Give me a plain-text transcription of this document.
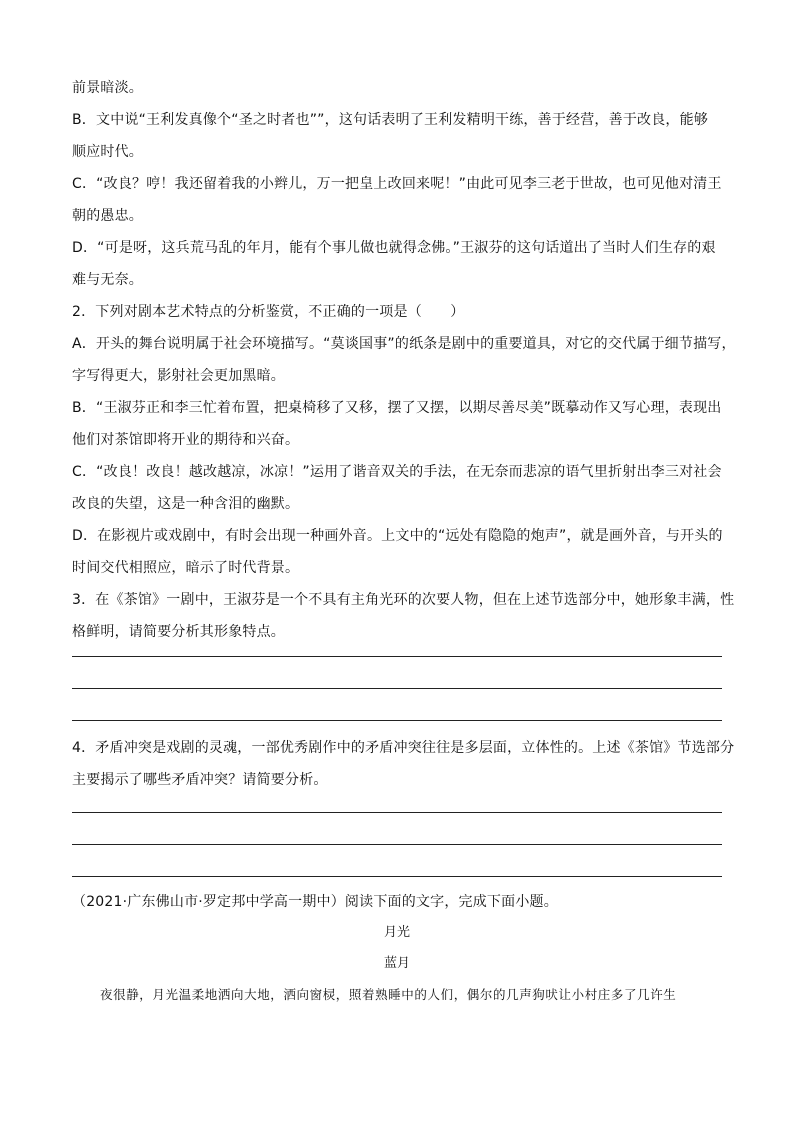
前景暗淡。

B．文中说“王利发真像个“圣之时者也””，这句话表明了王利发精明干练，善于经营，善于改良，能够

顺应时代。

C．“改良？哼！我还留着我的小辫儿，万一把皇上改回来呢！”由此可见李三老于世故，也可见他对清王

朝的愚忠。

D．“可是呀，这兵荒马乱的年月，能有个事儿做也就得念佛。”王淑芬的这句话道出了当时人们生存的艰

难与无奈。

2．下列对剧本艺术特点的分析鉴赏，不正确的一项是（　　）

A．开头的舞台说明属于社会环境描写。“莫谈国事”的纸条是剧中的重要道具，对它的交代属于细节描写，

字写得更大，影射社会更加黑暗。

B．“王淑芬正和李三忙着布置，把桌椅移了又移，摆了又摆，以期尽善尽美”既摹动作又写心理，表现出

他们对茶馆即将开业的期待和兴奋。

C．“改良！改良！越改越凉，冰凉！”运用了谐音双关的手法，在无奈而悲凉的语气里折射出李三对社会

改良的失望，这是一种含泪的幽默。

D．在影视片或戏剧中，有时会出现一种画外音。上文中的“远处有隐隐的炮声”，就是画外音，与开头的

时间交代相照应，暗示了时代背景。

3．在《茶馆》一剧中，王淑芬是一个不具有主角光环的次要人物，但在上述节选部分中，她形象丰满，性

格鲜明，请简要分析其形象特点。

4．矛盾冲突是戏剧的灵魂，一部优秀剧作中的矛盾冲突往往是多层面，立体性的。上述《茶馆》节选部分

主要揭示了哪些矛盾冲突？请简要分析。

（2021·广东佛山市·罗定邦中学高一期中）阅读下面的文字，完成下面小题。

月光

蓝月

夜很静，月光温柔地洒向大地，洒向窗棂，照着熟睡中的人们，偶尔的几声狗吠让小村庄多了几许生
